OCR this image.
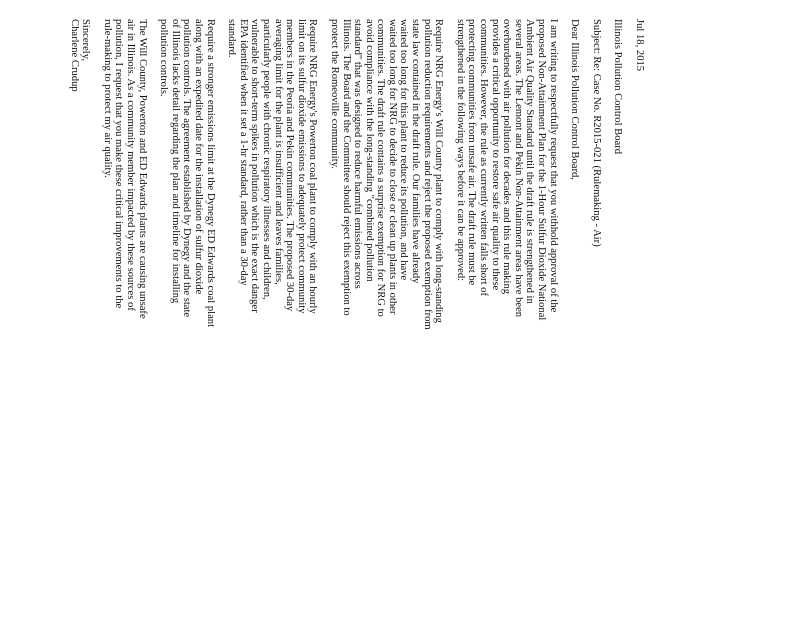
Jul 18, 2015
Illinois Pollution Control Board
Subject: Re: Case No. R2015-021 (Rulemaking - Air)
Dear Illinois Pollution Control Board,

I am writing to respectfully request that you withhold approval of the
proposed Non-Attainment Plan for the 1-Hour Sulfur Dioxide National
Ambient Air Quality Standard until the draft rule is strengthened in
several areas. The Lemont and Pekin Non-Attainment areas have been
overburdened with air pollution for decades and this rule making
provides a critical opportunity to restore safe air quality to these
communities. However, the rule as currently written falls short of
protecting communities from unsafe air. The draft rule must be
strengthened in the following ways before it can be approved:

Require NRG Energy's Will County plant to comply with long-standing
pollution reduction requirements and reject the proposed exemption from
state law contained in the draft rule. Our families have already
waited too long for this plant to reduce its pollution, and have
waited too long for NRG to decide to close or clean up plants in other
communities. The draft rule contains a surprise exemption for NRG to
avoid compliance with the long-standing "combined pollution
standard" that was designed to reduce harmful emissions across
Illinois. The Board and the Committee should reject this exemption to
protect the Romeoville community.

Require NRG Energy's Powerton coal plant to comply with an hourly
limit on its sulfur dioxide emissions to adequately protect community
members in the Peoria and Pekin communities. The proposed 30-day
averaging limit for the plant is insufficient and leaves families,
particularly people with chronic respiratory illnesses and children,
vulnerable to short-term spikes in pollution which is the exact danger
EPA identified when it set a 1-hr standard, rather than a 30-day
standard.

Require a stronger emissions limit at the Dynegy ED Edwards coal plant
along with an expedited date for the installation of sulfur dioxide
pollution controls. The agreement established by Dynegy and the state
of Illinois lacks detail regarding the plan and timeline for installing
pollution controls.

The Will County, Powerton and ED Edwards plants are causing unsafe
air in Illinois. As a community member impacted by these sources of
pollution, I request that you make these critical improvements to the
rule-making to protect my air quality.

Sincerely,
Charlene Crudup
